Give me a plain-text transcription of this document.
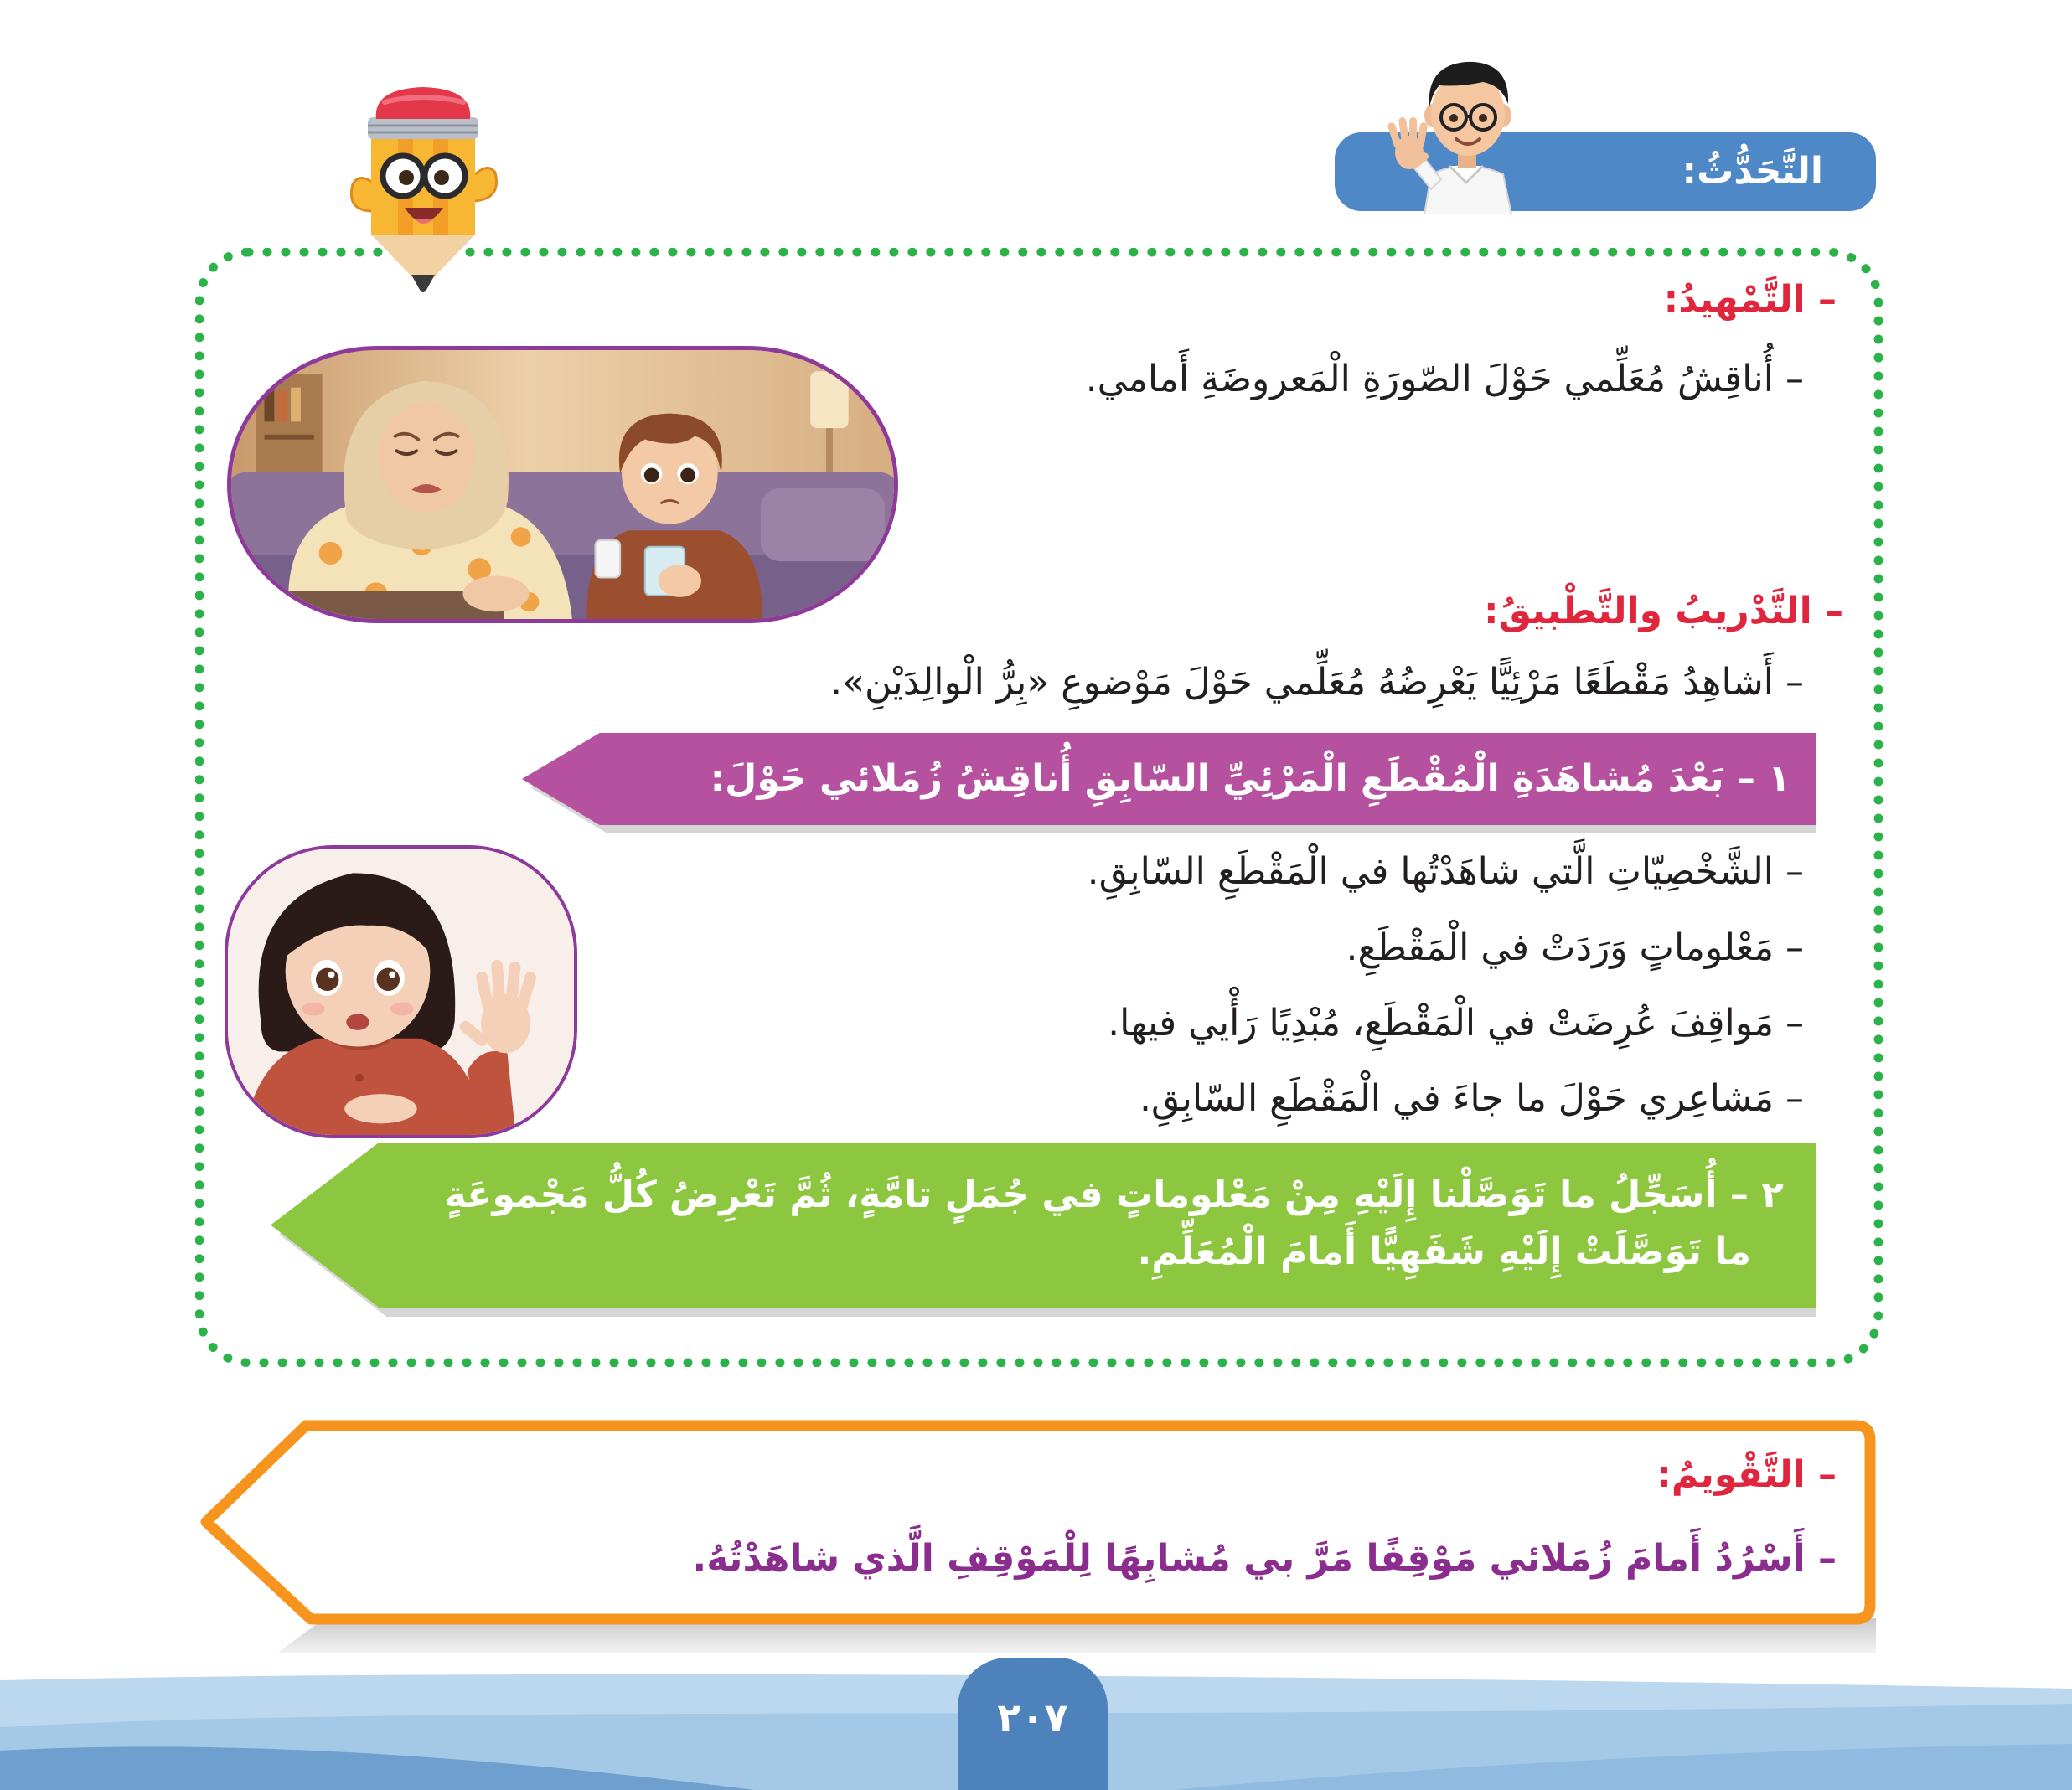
التَّحَدُّثُ:
– التَّمْهيدُ:
– أُناقِشُ مُعَلِّمي حَوْلَ الصّورَةِ الْمَعروضَةِ أَمامي.
– التَّدْريبُ والتَّطْبيقُ:
– أَشاهِدُ مَقْطَعًا مَرْئِيًّا يَعْرِضُهُ مُعَلِّمي حَوْلَ مَوْضوعِ «بِرُّ الْوالِدَيْنِ».
١ – بَعْدَ مُشاهَدَةِ الْمُقْطَعِ الْمَرْئِيِّ السّابِقِ أُناقِشُ زُمَلائي حَوْلَ:
– الشَّخْصِيّاتِ الَّتي شاهَدْتُها في الْمَقْطَعِ السّابِقِ.
– مَعْلوماتٍ وَرَدَتْ في الْمَقْطَعِ.
– مَواقِفَ عُرِضَتْ في الْمَقْطَعِ، مُبْدِيًا رَأْيي فيها.
– مَشاعِري حَوْلَ ما جاءَ في الْمَقْطَعِ السّابِقِ.
٢ – أُسَجِّلُ ما تَوَصَّلْنا إِلَيْهِ مِنْ مَعْلوماتٍ في جُمَلٍ تامَّةٍ، ثُمَّ تَعْرِضُ كُلُّ مَجْموعَةٍ
ما تَوَصَّلَتْ إِلَيْهِ شَفَهِيًّا أَمامَ الْمُعَلِّمِ.
– التَّقْويمُ:
– أَسْرُدُ أَمامَ زُمَلائي مَوْقِفًا مَرَّ بي مُشابِهًا لِلْمَوْقِفِ الَّذي شاهَدْتُهُ.
٢٠٧
